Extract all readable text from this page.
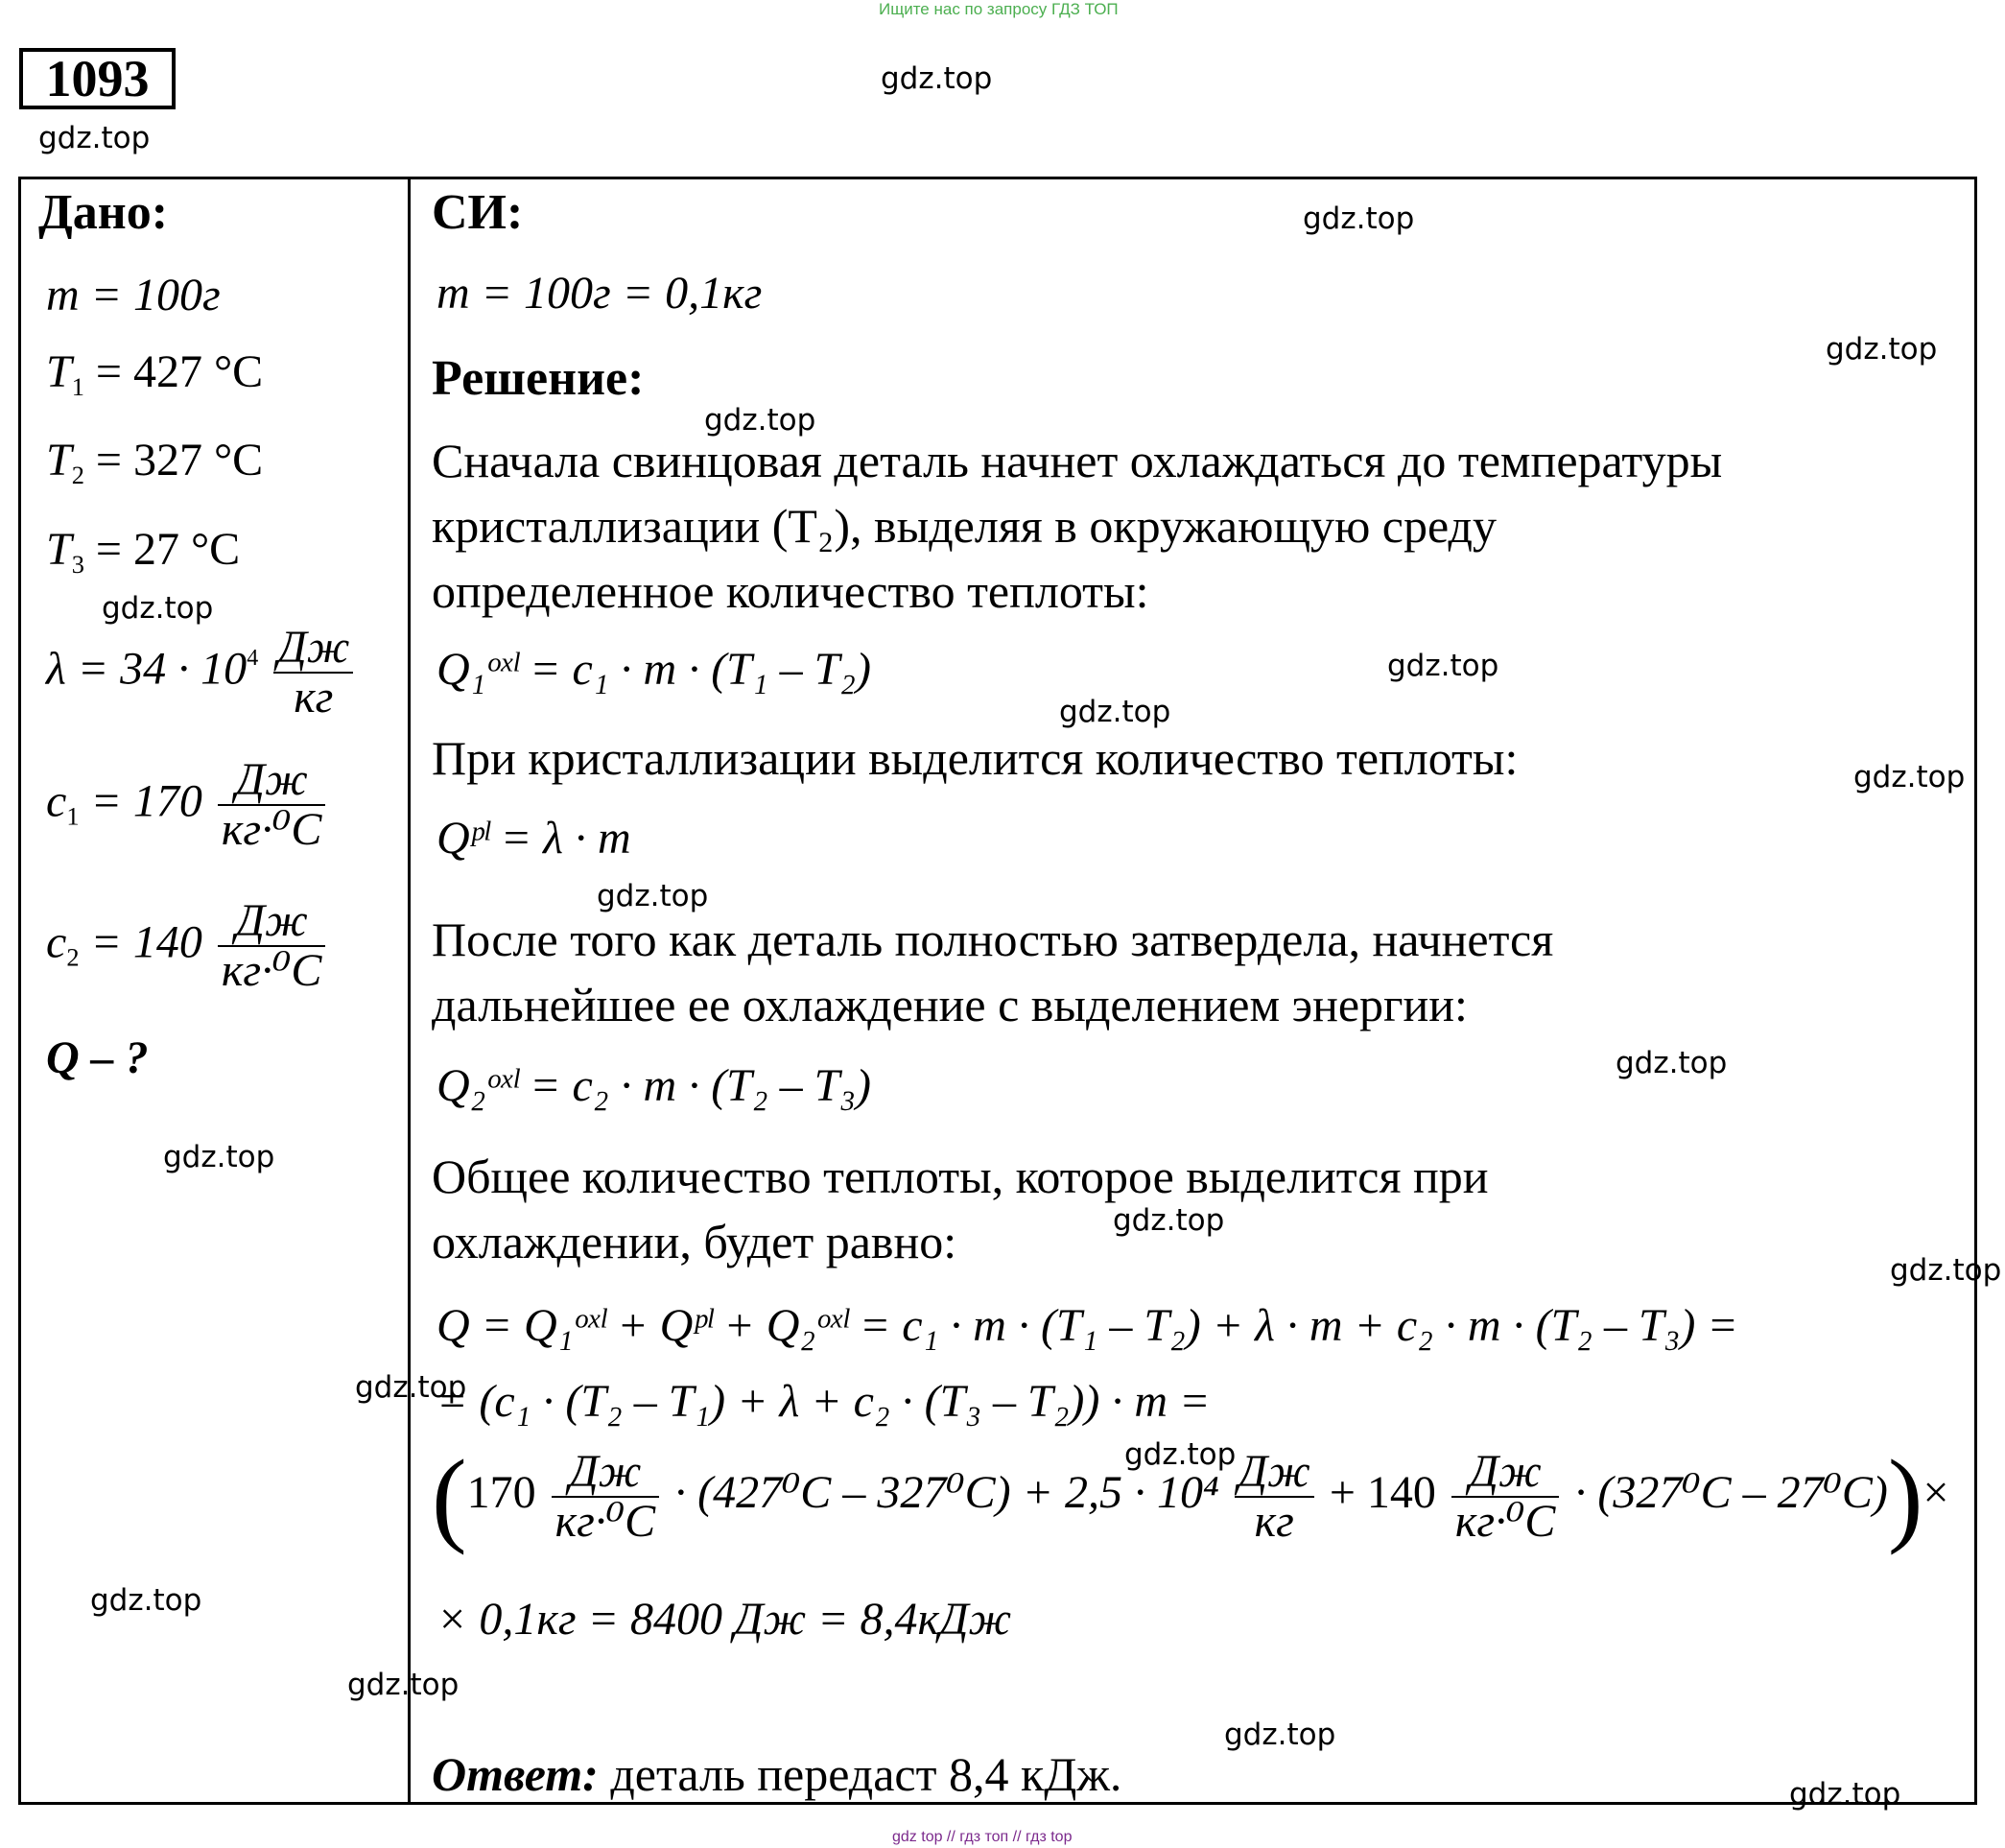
Ищите нас по запросу ГДЗ ТОП
1093
Дано:
m = 100г
$T_1 = 427$ °C
$T_2 = 327$ °C
$T_3 = 27$ °C
$\lambda = 34 \cdot 10^4 \frac{Дж}{кг}$
$c_1 = 170 \frac{Дж}{\text{кг·⁰C}}$
$c_2 = 140 \frac{Дж}{\text{кг·⁰C}}$
Q – ?
СИ:
m = 100г = 0,1кг
Решение:
Сначала свинцовая деталь начнет охлаждаться до температуры
кристаллизации (Т₂), выделяя в окружающую среду
определенное количество теплоты:
Q₁ᵒˣˡ = c₁ · m · (T₁ – T₂)
При кристаллизации выделится количество теплоты:
Qᵖˡ = λ · m
После того как деталь полностью затвердела, начнется
дальнейшее ее охлаждение с выделением энергии:
Q₂ᵒˣˡ = c₂ · m · (T₂ – T₃)
Общее количество теплоты, которое выделится при
охлаждении, будет равно:
Q = Q₁ᵒˣˡ + Qᵖˡ + Q₂ᵒˣˡ = c₁ · m · (T₁ – T₂) + λ · m + c₂ · m · (T₂ – T₃) =
= (c₁ · (T₂ – T₁) + λ + c₂ · (T₃ – T₂)) · m =
$(170 \frac{Дж}{\text{кг·⁰C}} \cdot (427^0C - 327^0C) + 2,5 \cdot 10^4 \frac{Дж}{кг} + 140 \frac{Дж}{\text{кг·⁰C}} \cdot (327^0C - 27^0C))\times$
× 0,1кг = 8400 Дж = 8,4кДж
Ответ: деталь передаст 8,4 кДж.
gdz.top
gdz.top
gdz.top
gdz.top
gdz.top
gdz.top
gdz.top
gdz.top
gdz.top
gdz.top
gdz.top
gdz.top
gdz.top
gdz.top
gdz.top
gdz.top
gdz.top
gdz.top
gdz.top
gdz.top
gdz top // гдз топ // гдз top
